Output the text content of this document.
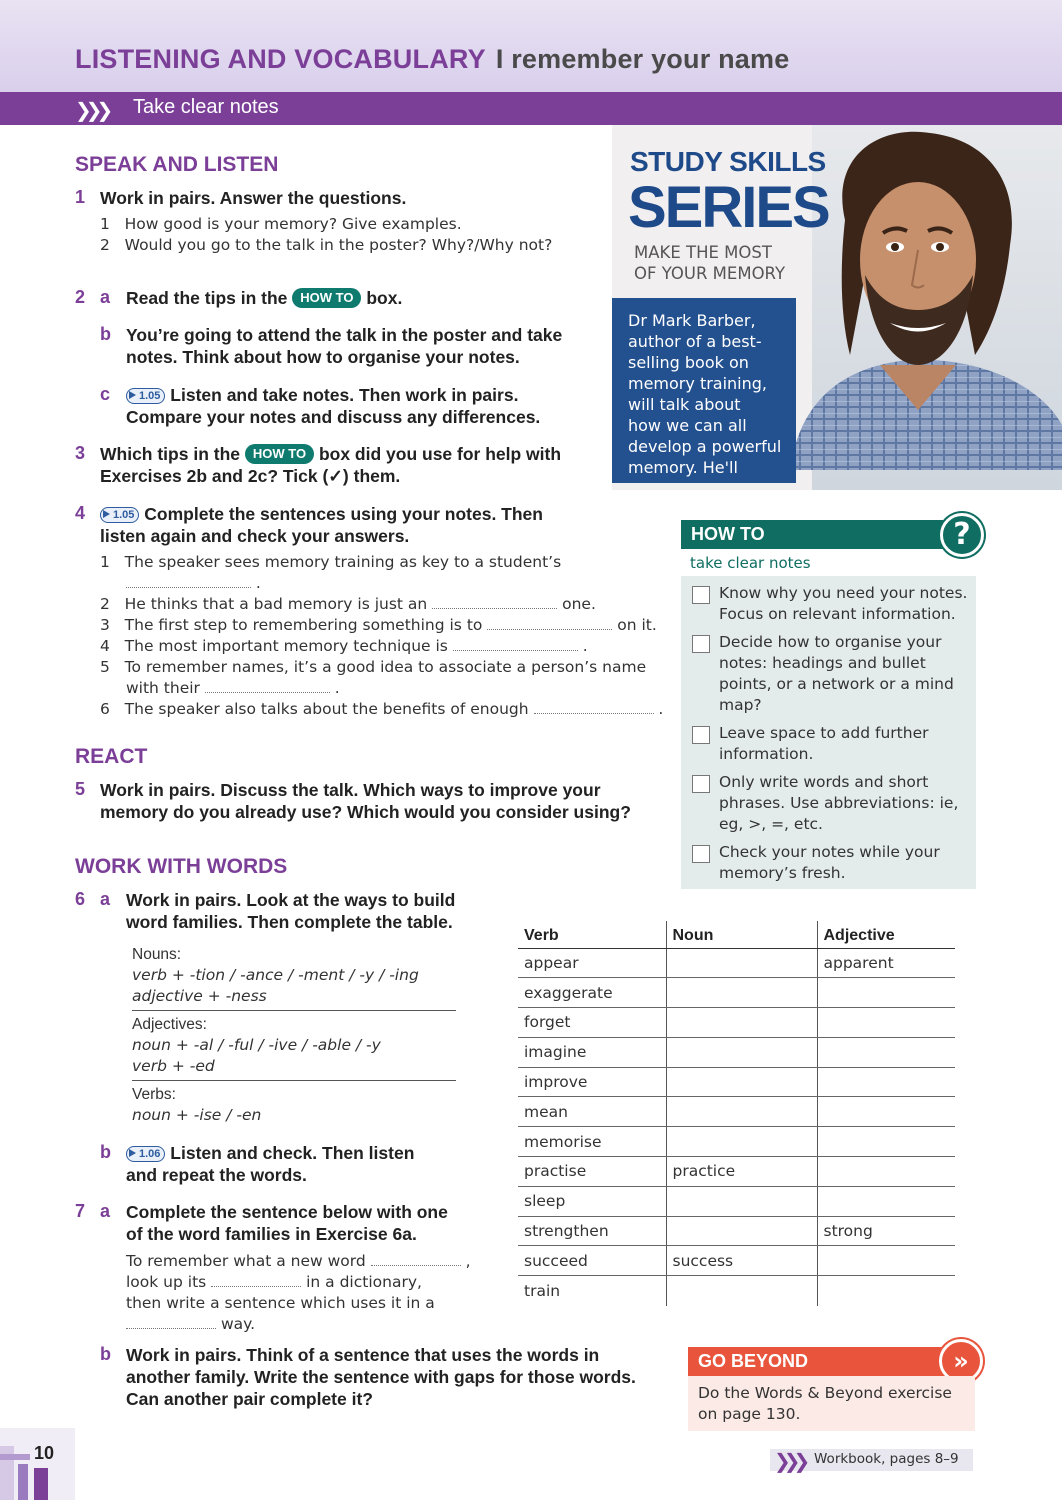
LISTENING AND VOCABULARY I remember your name
❯❯❯ Take clear notes
SPEAK AND LISTEN
1 Work in pairs. Answer the questions.
1 How good is your memory? Give examples.
2 Would you go to the talk in the poster? Why?/Why not?
2 a Read the tips in the HOW TO box.
b You’re going to attend the talk in the poster and take
notes. Think about how to organise your notes.
c	1.05 Listen and take notes. Then work in pairs.
Compare your notes and discuss any differences.
3 Which tips in the HOW TO box did you use for help with
Exercises 2b and 2c? Tick (✓) them.
4	1.05 Complete the sentences using your notes. Then
listen again and check your answers.
1 The speaker sees memory training as key to a student’s
.
2 He thinks that a bad memory is just an	one.
3 The first step to remembering something is to	on it.
4 The most important memory technique is	.
5 To remember names, it’s a good idea to associate a person’s name
with their	.
6 The speaker also talks about the benefits of enough	.
REACT
5 Work in pairs. Discuss the talk. Which ways to improve your
memory do you already use? Which would you consider using?
WORK WITH WORDS
6 a Work in pairs. Look at the ways to build
word families. Then complete the table.
Nouns:
verb + -tion / -ance / -ment / -y / -ing
adjective + -ness
Adjectives:
noun + -al / -ful / -ive / -able / -y
verb + -ed
Verbs:
noun + -ise / -en
b	1.06 Listen and check. Then listen
and repeat the words.
7 a Complete the sentence below with one
of the word families in Exercise 6a.
To remember what a new word	,
look up its	in a dictionary,
then write a sentence which uses it in a
way.
b Work in pairs. Think of a sentence that uses the words in
another family. Write the sentence with gaps for those words.
Can another pair complete it?
Verb	Noun	Adjective
appear		apparent
exaggerate		
forget		
imagine		
improve		
mean		
memorise		
practise	practice	
sleep		
strengthen		strong
succeed	success	
train		
STUDY SKILLS
SERIES
MAKE THE MOST
OF YOUR MEMORY
Dr Mark Barber,
author of a best-
selling book on
memory training,
will talk about
how we can all
develop a powerful
memory. He'll
HOW TO	?
take clear notes
Know why you need your notes.
Focus on relevant information.
Decide how to organise your
notes: headings and bullet
points, or a network or a mind
map?
Leave space to add further
information.
Only write words and short
phrases. Use abbreviations: ie,
eg, >, =, etc.
Check your notes while your
memory’s fresh.
GO BEYOND	»
Do the Words & Beyond exercise
on page 130.
❯❯❯ Workbook, pages 8–9
10
